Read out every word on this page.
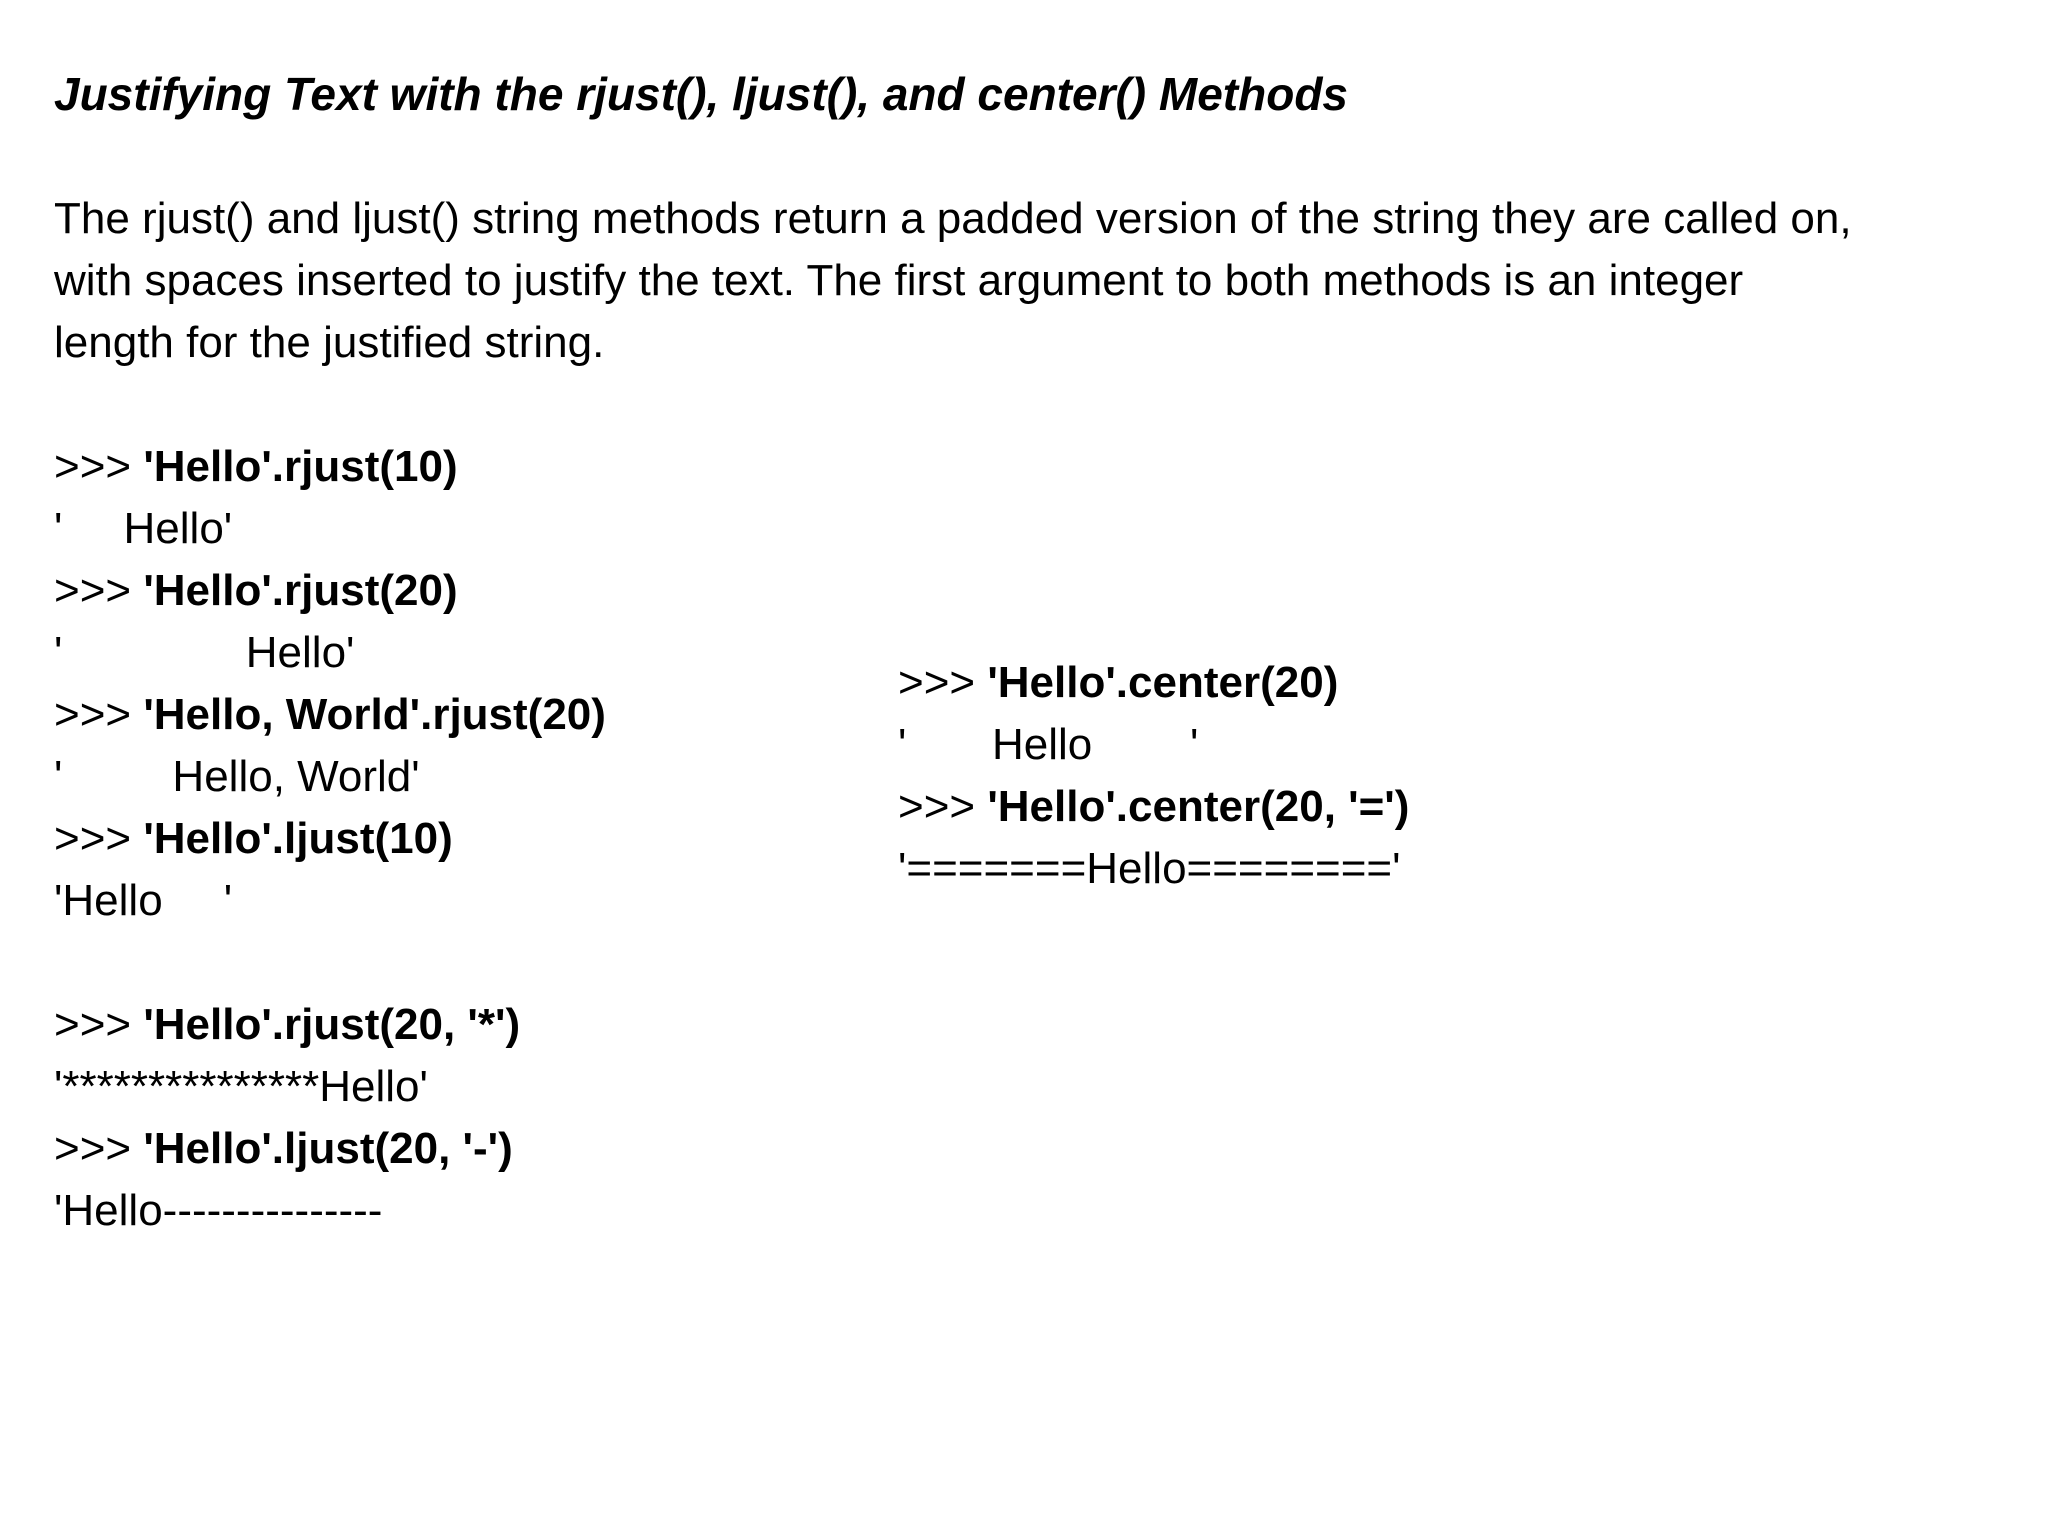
Justifying Text with the rjust(), ljust(), and center() Methods

The rjust() and ljust() string methods return a padded version of the string they are called on,

with spaces inserted to justify the text. The first argument to both methods is an integer

length for the justified string.

>>> 'Hello'.rjust(10)
'     Hello'
>>> 'Hello'.rjust(20)
'               Hello'
>>> 'Hello, World'.rjust(20)
'         Hello, World'
>>> 'Hello'.ljust(10)
'Hello     '
>>> 'Hello'.rjust(20, '*')
'***************Hello'
>>> 'Hello'.ljust(20, '-')
'Hello---------------
>>> 'Hello'.center(20)
'       Hello        '
>>> 'Hello'.center(20, '=')
'=======Hello========'
